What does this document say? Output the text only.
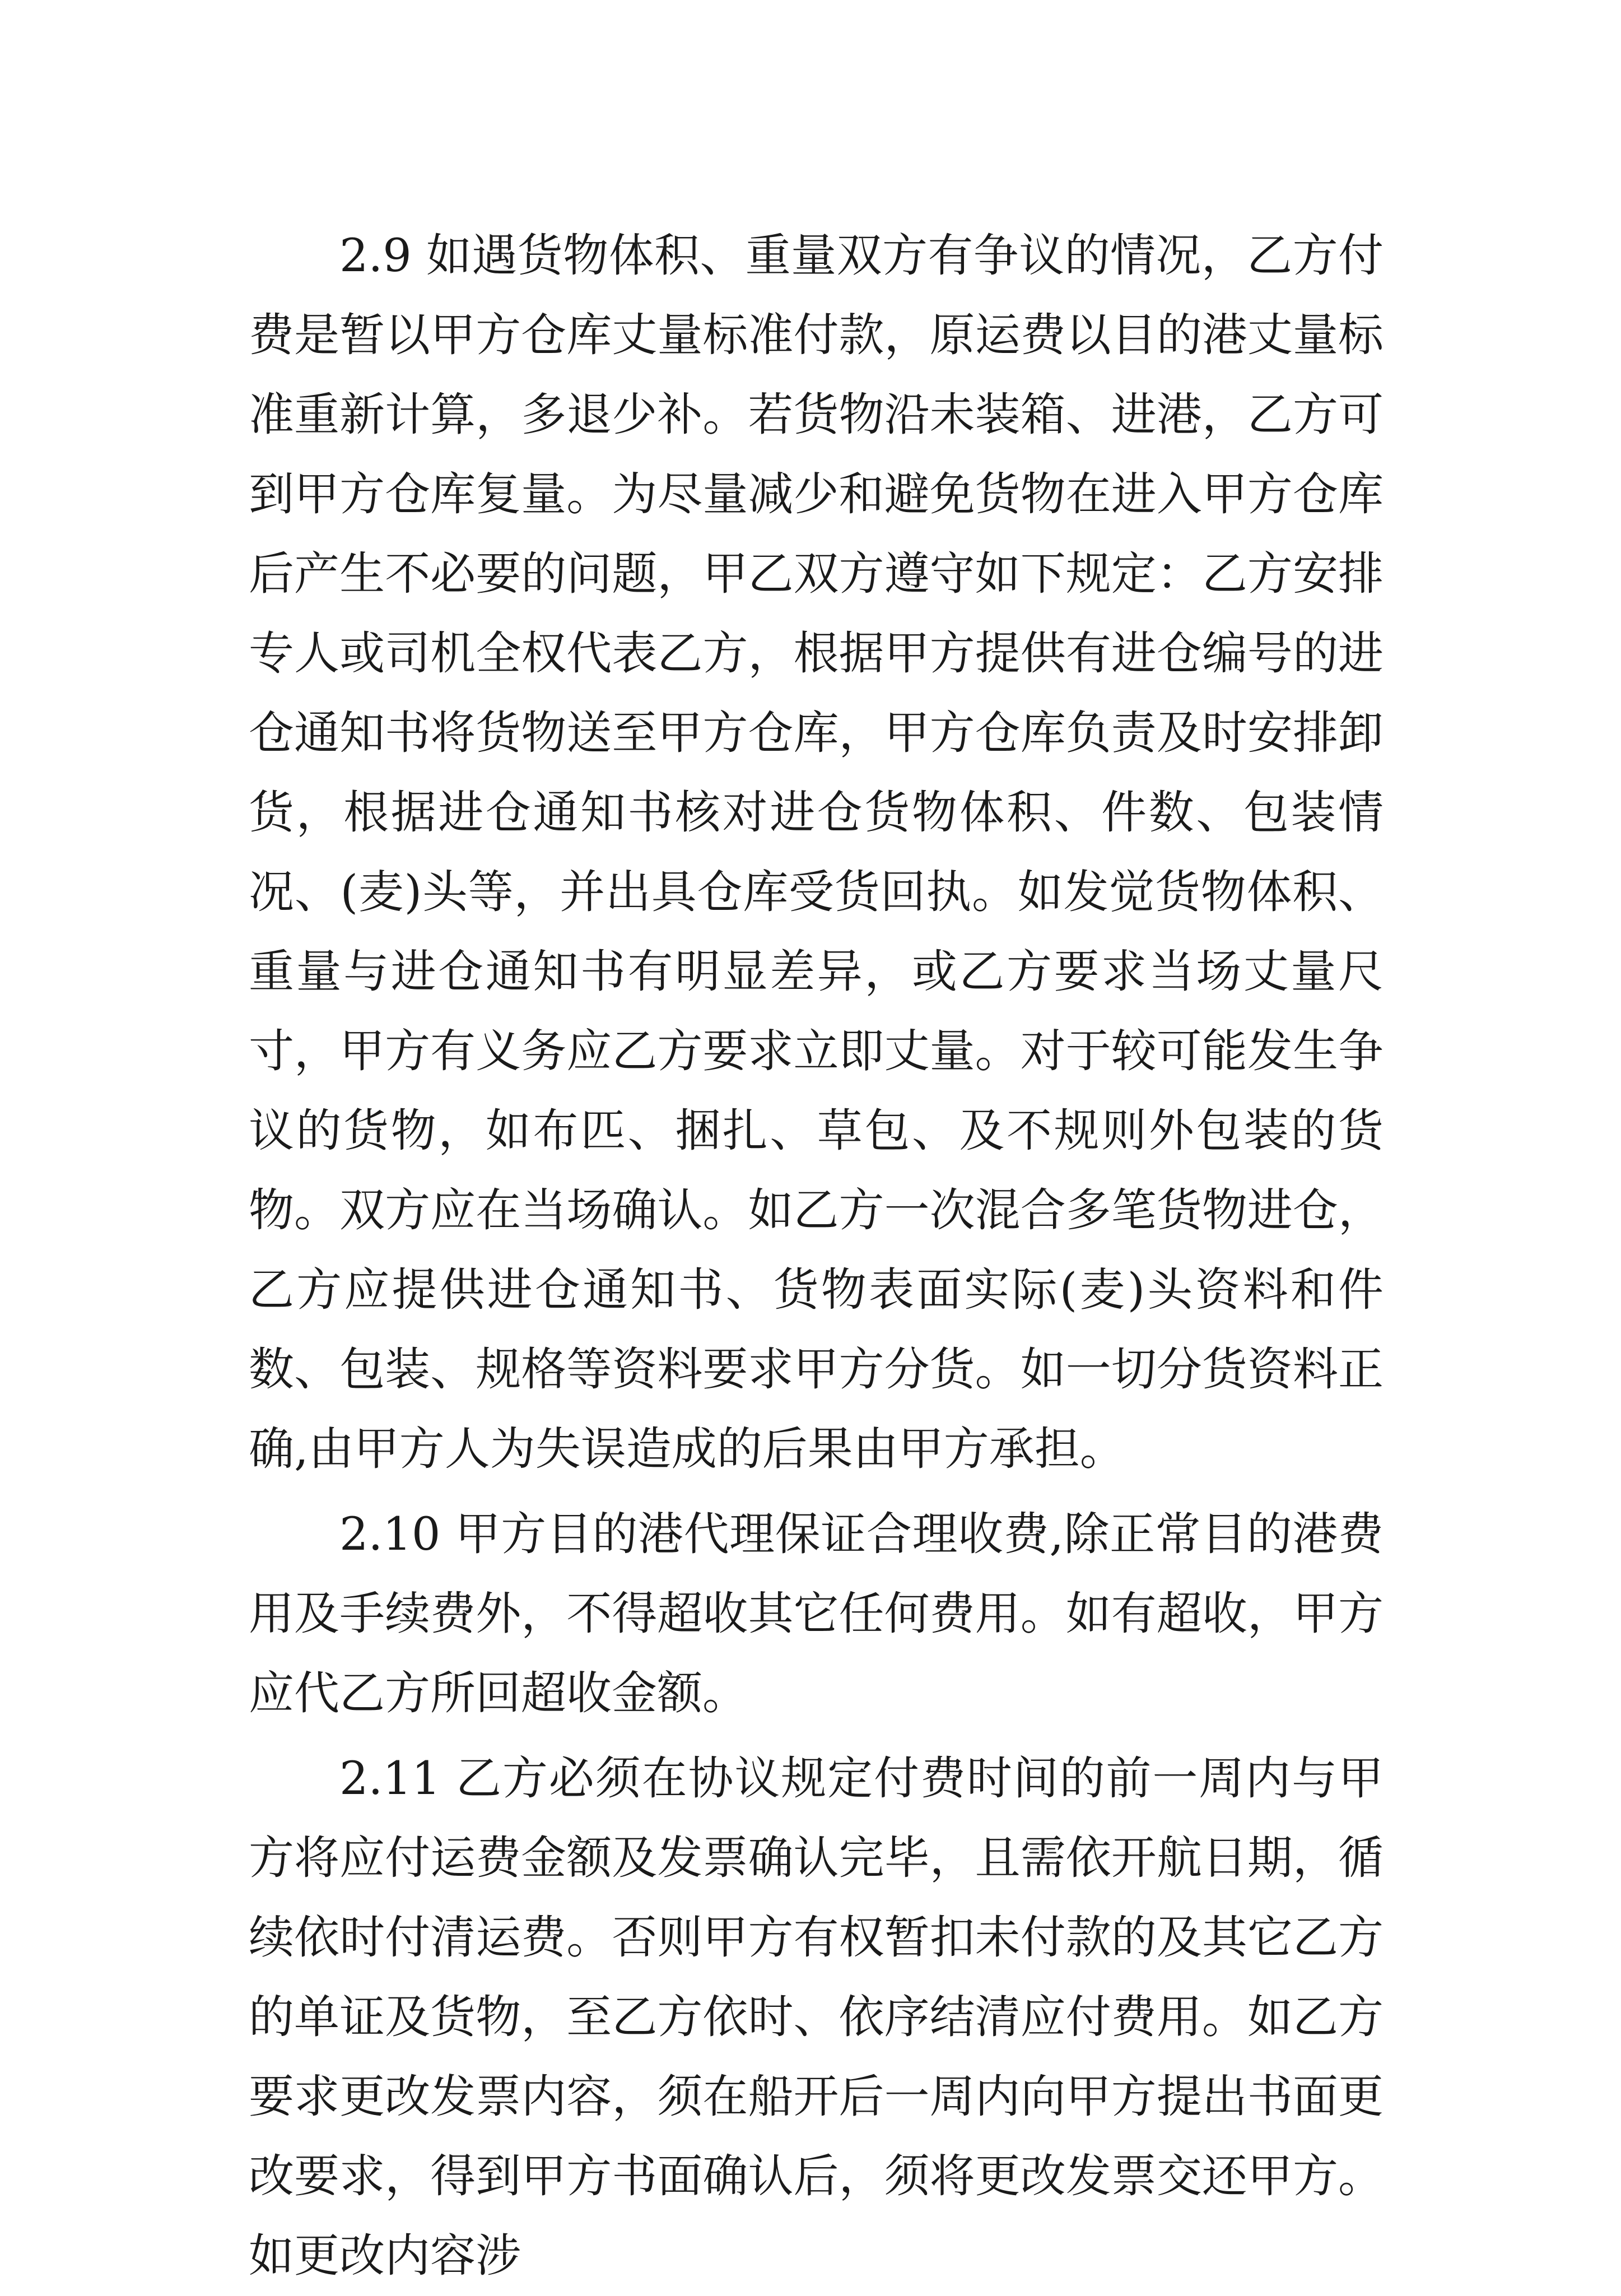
2.9 如遇货物体积、重量双方有争议的情况，乙方付费是暂以甲方仓库丈量标准付款，原运费以目的港丈量标准重新计算，多退少补。若货物沿未装箱、进港，乙方可到甲方仓库复量。为尽量减少和避免货物在进入甲方仓库后产生不必要的问题，甲乙双方遵守如下规定：乙方安排专人或司机全权代表乙方，根据甲方提供有进仓编号的进仓通知书将货物送至甲方仓库，甲方仓库负责及时安排卸货，根据进仓通知书核对进仓货物体积、件数、包装情况、(麦)头等，并出具仓库受货回执。如发觉货物体积、重量与进仓通知书有明显差异，或乙方要求当场丈量尺寸，甲方有义务应乙方要求立即丈量。对于较可能发生争议的货物，如布匹、捆扎、草包、及不规则外包装的货物。双方应在当场确认。如乙方一次混合多笔货物进仓，乙方应提供进仓通知书、货物表面实际(麦)头资料和件数、包装、规格等资料要求甲方分货。如一切分货资料正确,由甲方人为失误造成的后果由甲方承担。

2.10 甲方目的港代理保证合理收费,除正常目的港费用及手续费外，不得超收其它任何费用。如有超收，甲方应代乙方所回超收金额。

2.11 乙方必须在协议规定付费时间的前一周内与甲方将应付运费金额及发票确认完毕，且需依开航日期，循续依时付清运费。否则甲方有权暂扣未付款的及其它乙方的单证及货物，至乙方依时、依序结清应付费用。如乙方要求更改发票内容，须在船开后一周内向甲方提出书面更改要求，得到甲方书面确认后，须将更改发票交还甲方。如更改内容涉
